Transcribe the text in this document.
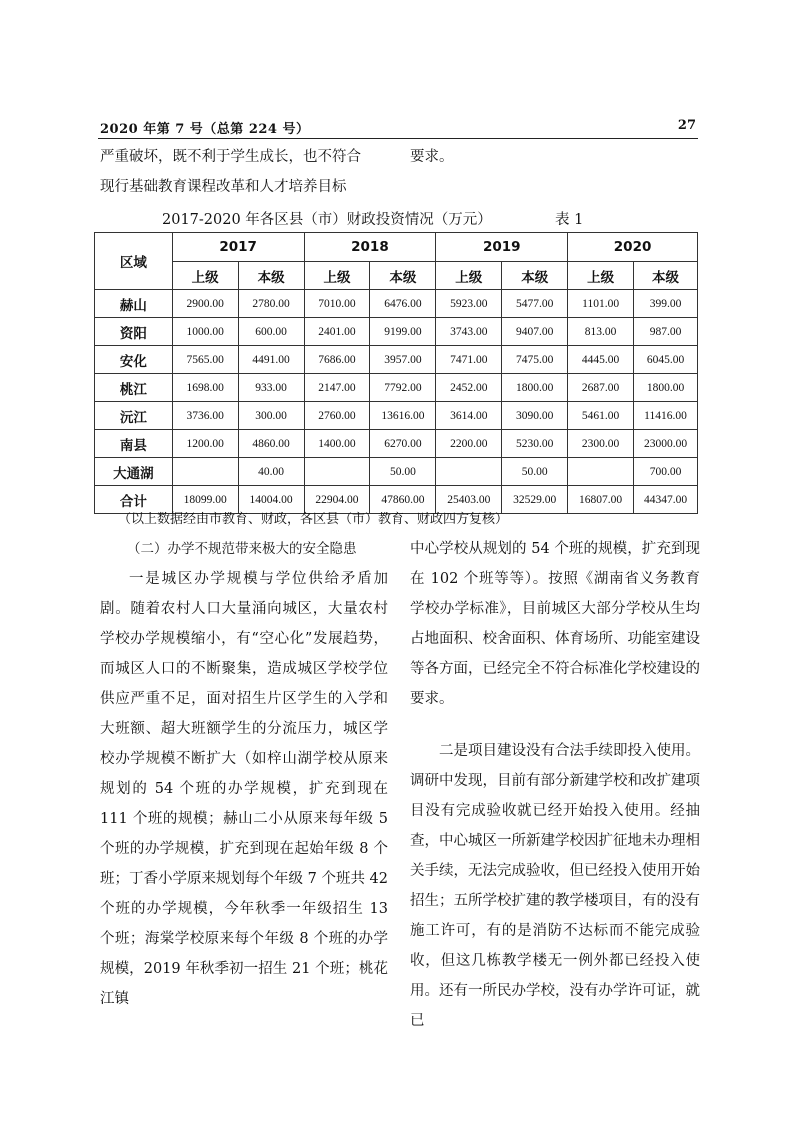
2020 年第 7 号（总第 224 号）	27

严重破坏，既不利于学生成长，也不符合

现行基础教育课程改革和人才培养目标

要求。

2017-2020 年各区县（市）财政投资情况（万元）	表 1
区域	2017		2018		2019		2020	
	上级	本级	上级	本级	上级	本级	上级	本级
赫山	2900.00	2780.00	7010.00	6476.00	5923.00	5477.00	1101.00	399.00
资阳	1000.00	600.00	2401.00	9199.00	3743.00	9407.00	813.00	987.00
安化	7565.00	4491.00	7686.00	3957.00	7471.00	7475.00	4445.00	6045.00
桃江	1698.00	933.00	2147.00	7792.00	2452.00	1800.00	2687.00	1800.00
沅江	3736.00	300.00	2760.00	13616.00	3614.00	3090.00	5461.00	11416.00
南县	1200.00	4860.00	1400.00	6270.00	2200.00	5230.00	2300.00	23000.00
大通湖		40.00		50.00		50.00		700.00
合计	18099.00	14004.00	22904.00	47860.00	25403.00	32529.00	16807.00	44347.00
（以上数据经由市教育、财政，各区县（市）教育、财政四方复核）

（二）办学不规范带来极大的安全隐患

一是城区办学规模与学位供给矛盾加剧。随着农村人口大量涌向城区，大量农村学校办学规模缩小，有“空心化”发展趋势，而城区人口的不断聚集，造成城区学校学位供应严重不足，面对招生片区学生的入学和大班额、超大班额学生的分流压力，城区学校办学规模不断扩大（如梓山湖学校从原来规划的 54 个班的办学规模，扩充到现在 111 个班的规模；赫山二小从原来每年级 5 个班的办学规模，扩充到现在起始年级 8 个班；丁香小学原来规划每个年级 7 个班共 42 个班的办学规模，今年秋季一年级招生 13 个班；海棠学校原来每个年级 8 个班的办学规模，2019 年秋季初一招生 21 个班；桃花江镇

中心学校从规划的 54 个班的规模，扩充到现在 102 个班等等）。按照《湖南省义务教育学校办学标准》，目前城区大部分学校从生均占地面积、校舍面积、体育场所、功能室建设等各方面，已经完全不符合标准化学校建设的要求。

二是项目建设没有合法手续即投入使用。调研中发现，目前有部分新建学校和改扩建项目没有完成验收就已经开始投入使用。经抽查，中心城区一所新建学校因扩征地未办理相关手续，无法完成验收，但已经投入使用开始招生；五所学校扩建的教学楼项目，有的没有施工许可，有的是消防不达标而不能完成验收，但这几栋教学楼无一例外都已经投入使用。还有一所民办学校，没有办学许可证，就已
